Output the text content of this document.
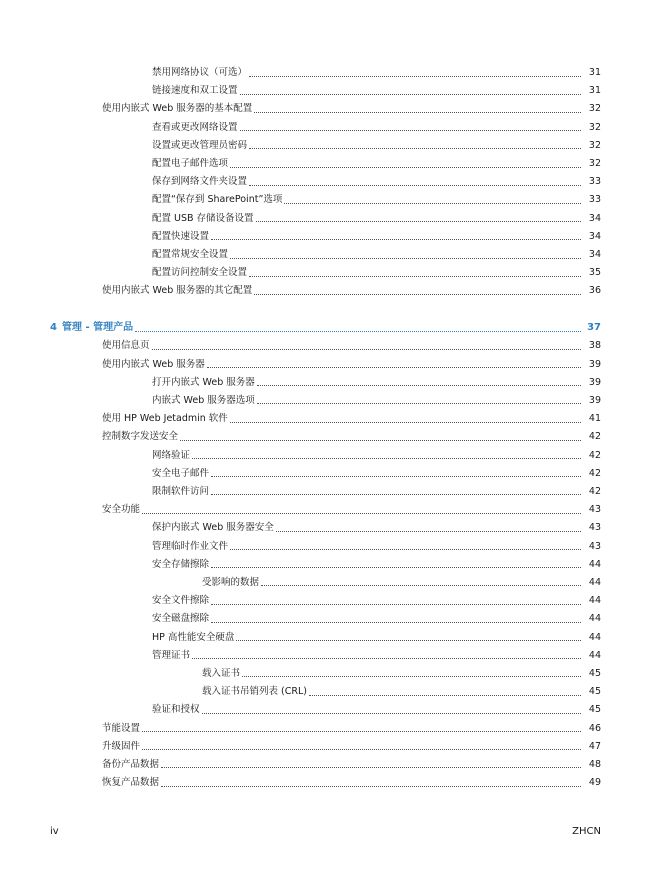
禁用网络协议（可选）	31
链接速度和双工设置	31
使用内嵌式 Web 服务器的基本配置	32
查看或更改网络设置	32
设置或更改管理员密码	32
配置电子邮件选项	32
保存到网络文件夹设置	33
配置“保存到 SharePoint”选项	33
配置 USB 存储设备设置	34
配置快速设置	34
配置常规安全设置	34
配置访问控制安全设置	35
使用内嵌式 Web 服务器的其它配置	36
4 管理 - 管理产品	37
使用信息页	38
使用内嵌式 Web 服务器	39
打开内嵌式 Web 服务器	39
内嵌式 Web 服务器选项	39
使用 HP Web Jetadmin 软件	41
控制数字发送安全	42
网络验证	42
安全电子邮件	42
限制软件访问	42
安全功能	43
保护内嵌式 Web 服务器安全	43
管理临时作业文件	43
安全存储擦除	44
受影响的数据	44
安全文件擦除	44
安全磁盘擦除	44
HP 高性能安全硬盘	44
管理证书	44
载入证书	45
载入证书吊销列表 (CRL)	45
验证和授权	45
节能设置	46
升级固件	47
备份产品数据	48
恢复产品数据	49
iv	ZHCN
